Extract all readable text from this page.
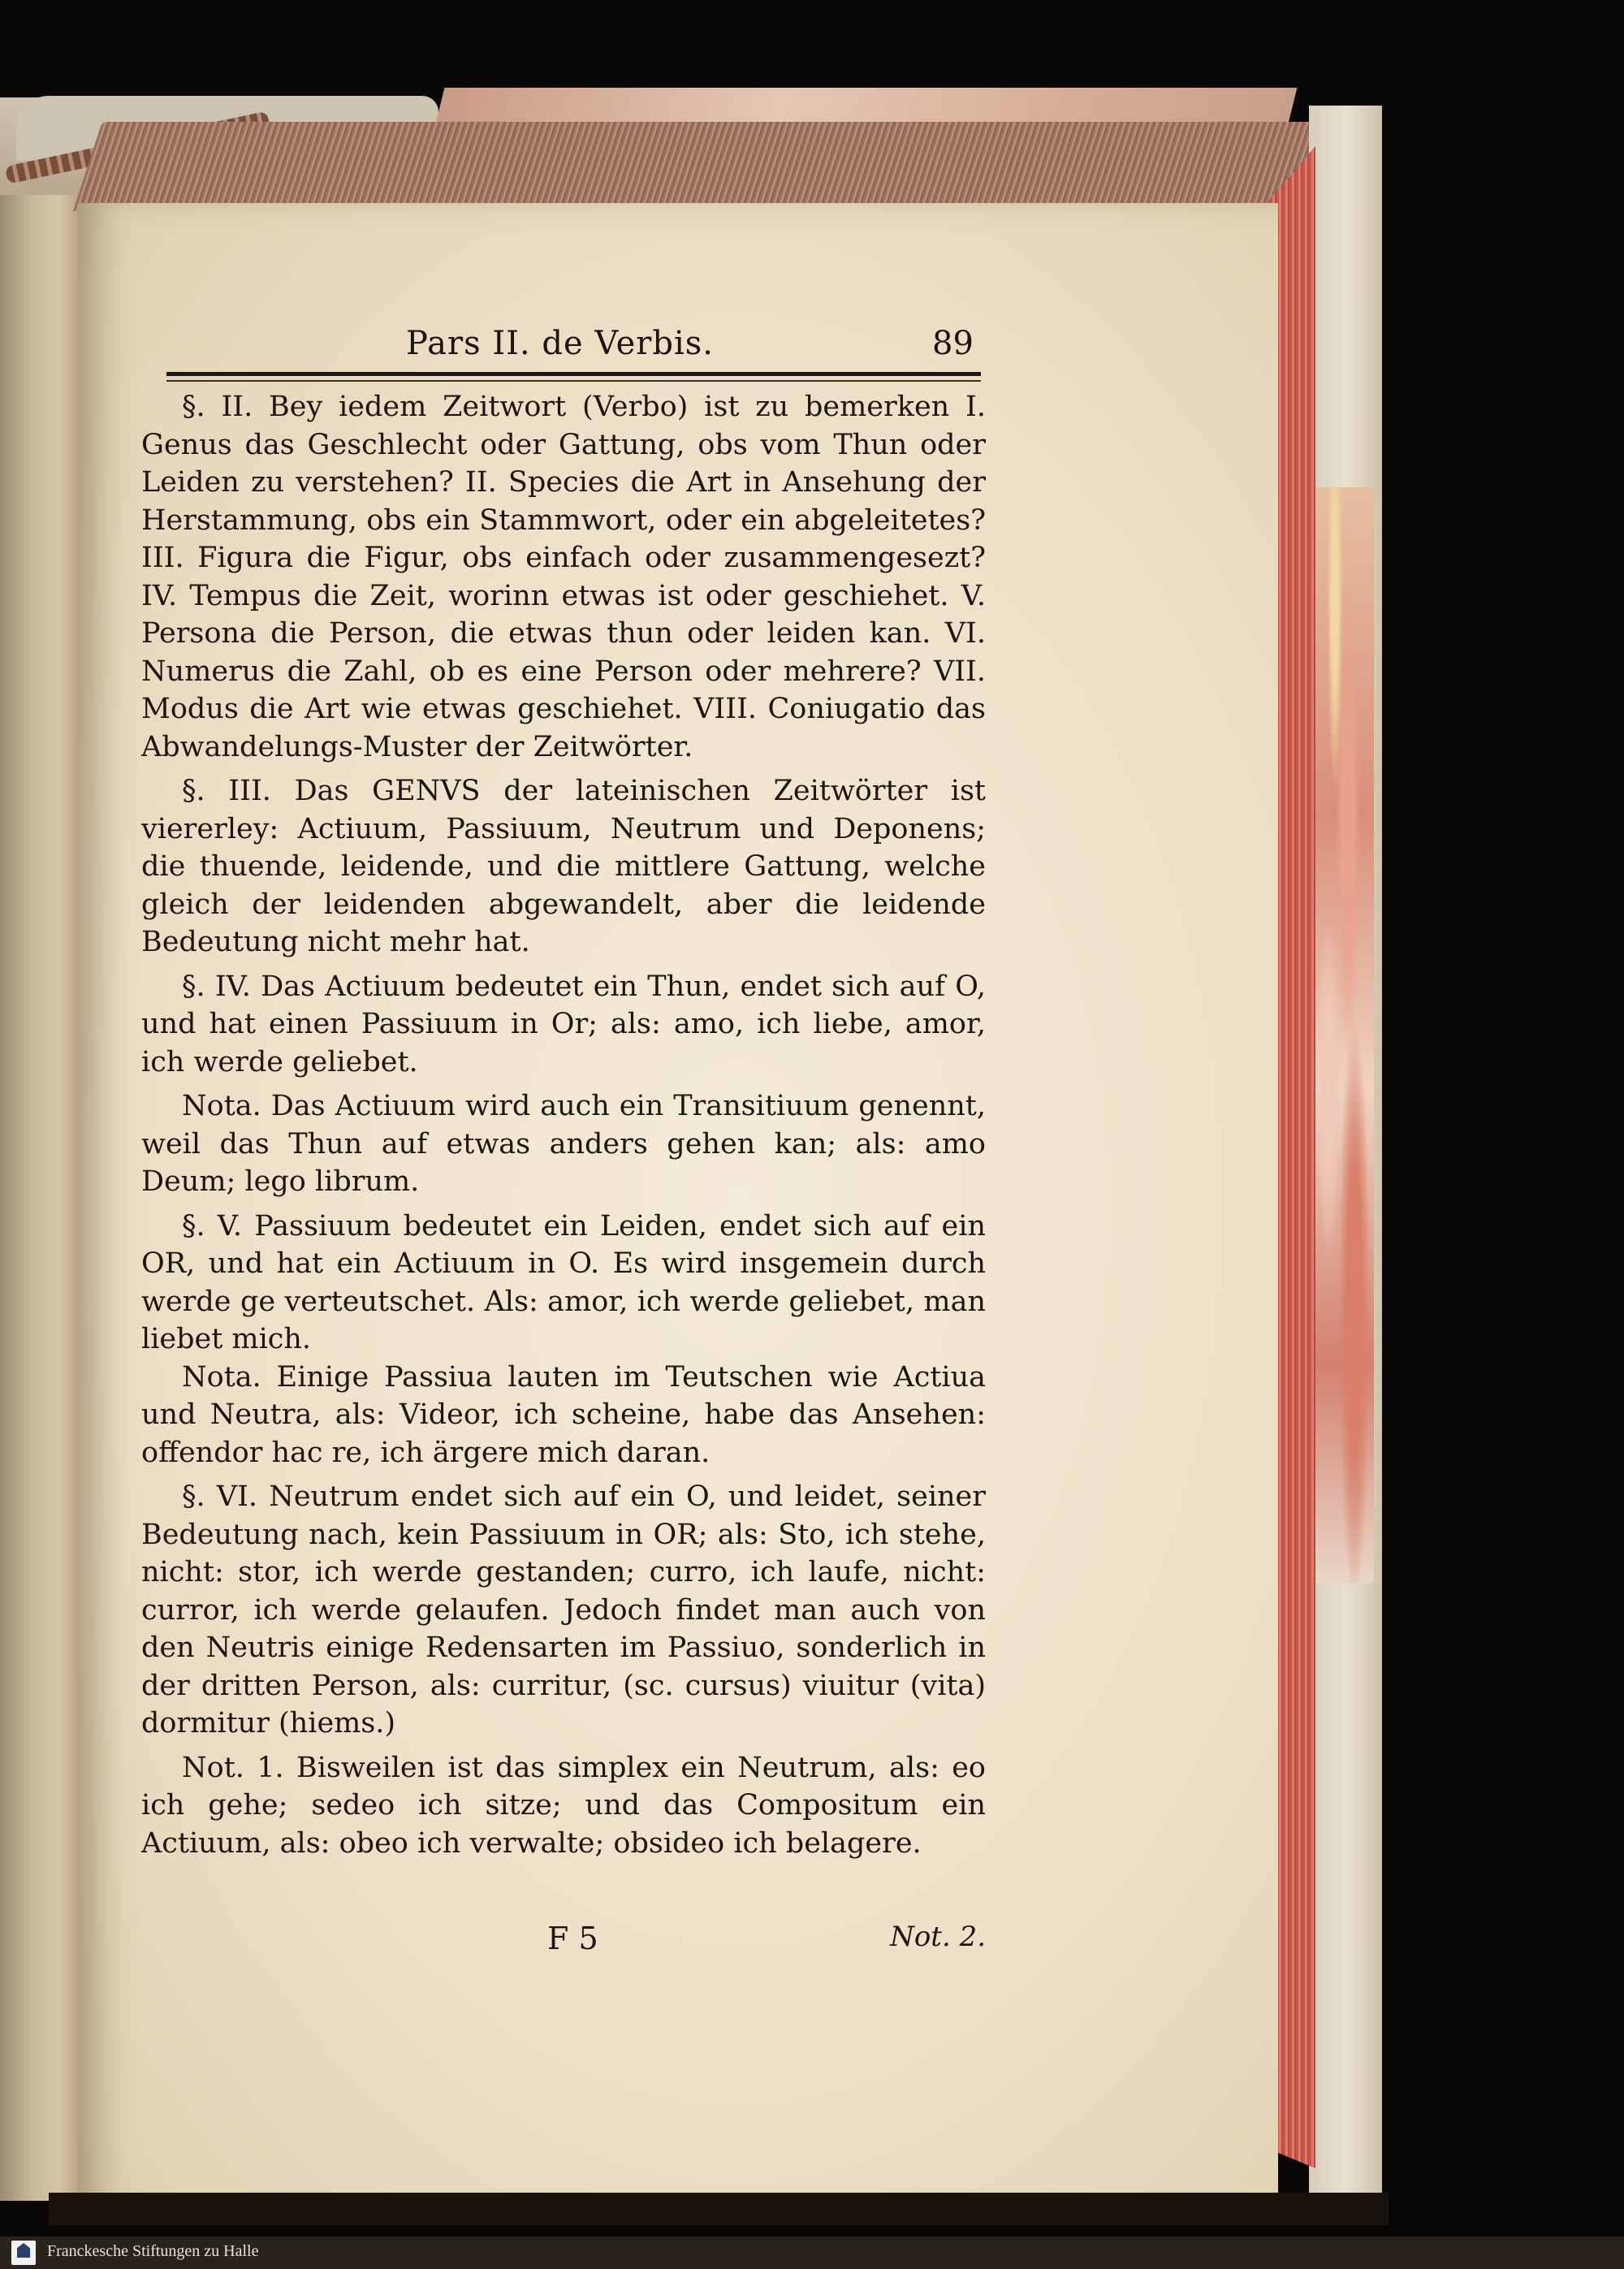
Pars II. de Verbis.	89

§. II. Bey iedem Zeitwort (Verbo) ist zu bemerken I. Genus das Geschlecht oder Gattung, obs vom Thun oder Leiden zu verstehen? II. Species die Art in Ansehung der Herstammung, obs ein Stammwort, oder ein abgeleitetes? III. Figura die Figur, obs einfach oder zusammengesezt? IV. Tempus die Zeit, worinn etwas ist oder geschiehet. V. Persona die Person, die etwas thun oder leiden kan. VI. Numerus die Zahl, ob es eine Person oder mehrere? VII. Modus die Art wie etwas geschiehet. VIII. Coniugatio das Abwandelungs-Muster der Zeitwörter.

§. III. Das GENVS der lateinischen Zeitwörter ist viererley: Actiuum, Passiuum, Neutrum und Deponens; die thuende, leidende, und die mittlere Gattung, welche gleich der leidenden abgewandelt, aber die leidende Bedeutung nicht mehr hat.

§. IV. Das Actiuum bedeutet ein Thun, endet sich auf O, und hat einen Passiuum in Or; als: amo, ich liebe, amor, ich werde geliebet.

Nota. Das Actiuum wird auch ein Transitiuum genennt, weil das Thun auf etwas anders gehen kan; als: amo Deum; lego librum.

§. V. Passiuum bedeutet ein Leiden, endet sich auf ein OR, und hat ein Actiuum in O. Es wird insgemein durch werde ge verteutschet. Als: amor, ich werde geliebet, man liebet mich.

Nota. Einige Passiua lauten im Teutschen wie Actiua und Neutra, als: Videor, ich scheine, habe das Ansehen: offendor hac re, ich ärgere mich daran.

§. VI. Neutrum endet sich auf ein O, und leidet, seiner Bedeutung nach, kein Passiuum in OR; als: Sto, ich stehe, nicht: stor, ich werde gestanden; curro, ich laufe, nicht: curror, ich werde gelaufen. Jedoch findet man auch von den Neutris einige Redensarten im Passiuo, sonderlich in der dritten Person, als: curritur, (sc. cursus) viuitur (vita) dormitur (hiems.)

Not. 1. Bisweilen ist das simplex ein Neutrum, als: eo ich gehe; sedeo ich sitze; und das Compositum ein Actiuum, als: obeo ich verwalte; obsideo ich belagere.

F 5	Not. 2.
Franckesche Stiftungen zu Halle
